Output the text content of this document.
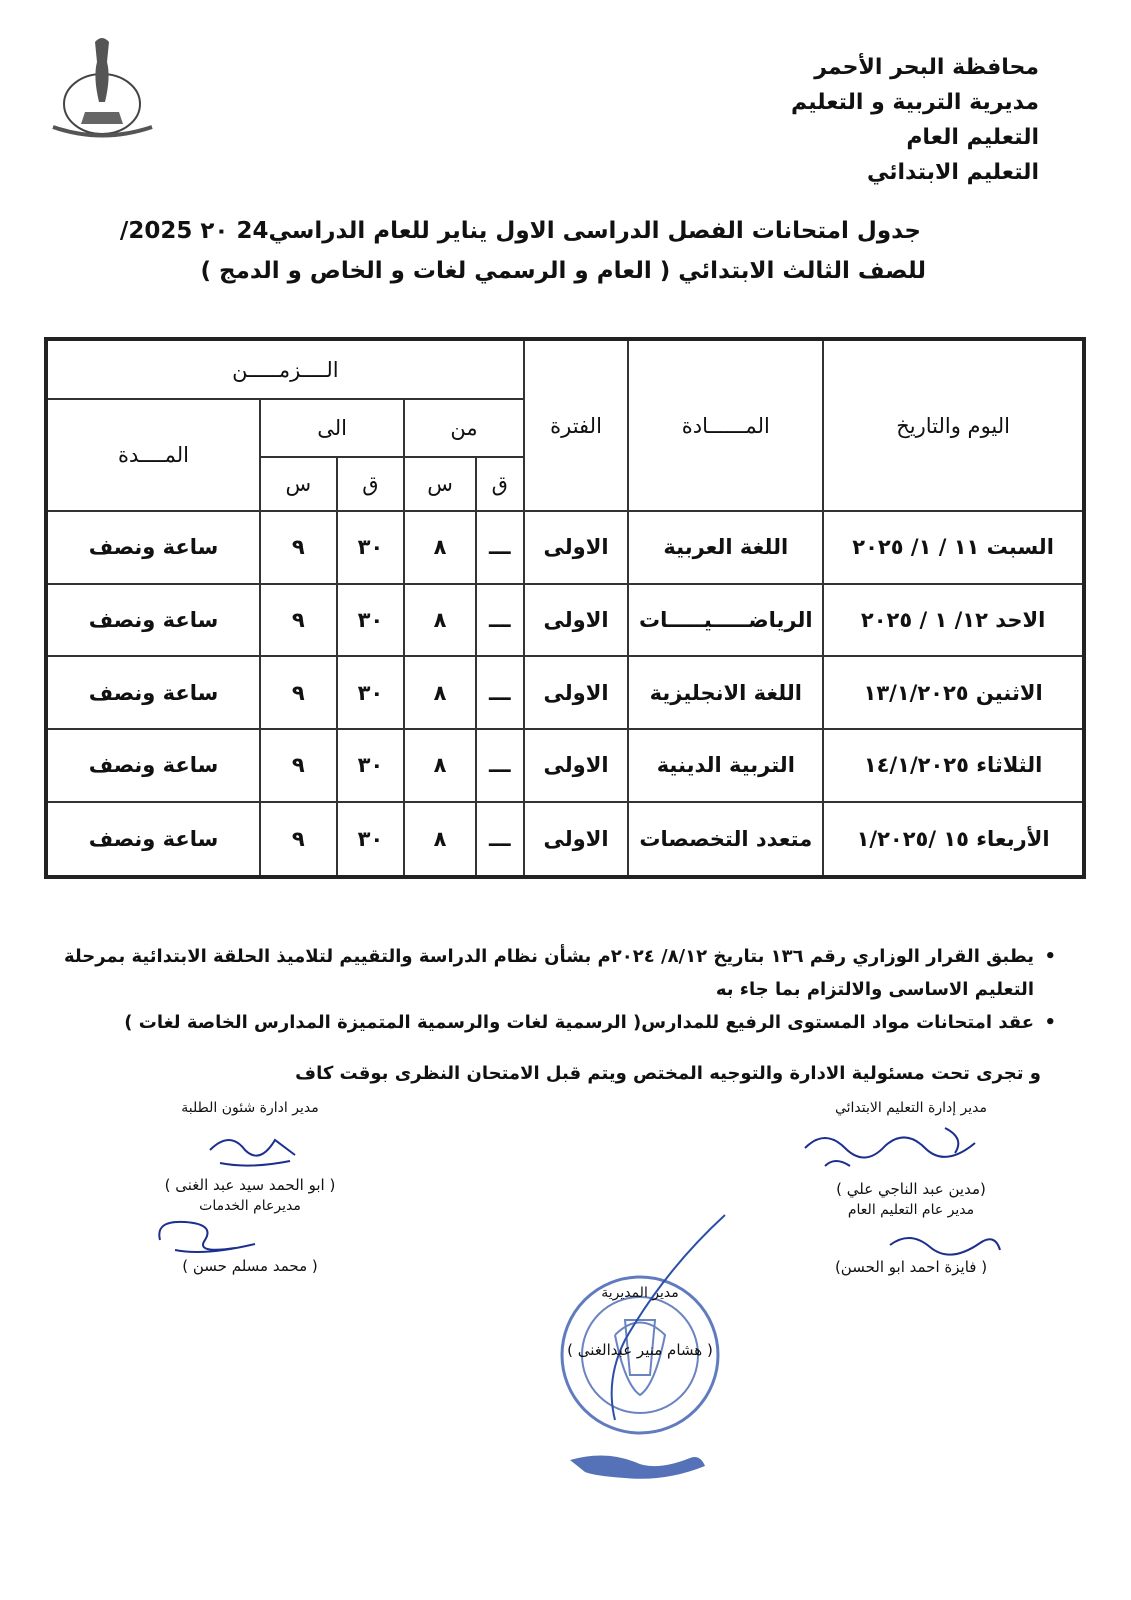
محافظة البحر الأحمر
مديرية التربية و التعليم
التعليم العام
التعليم الابتدائي
جدول امتحانات الفصل الدراسى الاول يناير للعام الدراسي24 ٢٠ 2025/
للصف الثالث الابتدائي ( العام و الرسمي لغات و الخاص و الدمج )
اليوم والتاريخ	المــــــادة	الفترة	الــــزمـــــن				
			من		الى		المــــدة
			ق	س	ق	س	
السبت ١١ / ١/ ٢٠٢٥	اللغة العربية	الاولى	ـــ	٨	٣٠	٩	ساعة ونصف
الاحد ١٢/ ١ / ٢٠٢٥	الرياضـــــيـــــات	الاولى	ـــ	٨	٣٠	٩	ساعة ونصف
الاثنين ١٣/١/٢٠٢٥	اللغة الانجليزية	الاولى	ـــ	٨	٣٠	٩	ساعة ونصف
الثلاثاء ١٤/١/٢٠٢٥	التربية الدينية	الاولى	ـــ	٨	٣٠	٩	ساعة ونصف
الأربعاء ١٥ /١/٢٠٢٥	متعدد التخصصات	الاولى	ـــ	٨	٣٠	٩	ساعة ونصف
• يطبق القرار الوزاري رقم ١٣٦ بتاريخ ٨/١٢/ ٢٠٢٤م بشأن نظام الدراسة والتقييم لتلاميذ الحلقة الابتدائية بمرحلة التعليم الاساسى والالتزام بما جاء به
• عقد امتحانات مواد المستوى الرفيع للمدارس( الرسمية لغات والرسمية المتميزة المدارس الخاصة لغات )
و تجرى تحت مسئولية الادارة والتوجيه المختص ويتم قبل الامتحان النظرى بوقت كاف
مدير إدارة التعليم الابتدائي
(مدين عبد الناجي علي )
مدير عام التعليم العام
( فايزة احمد ابو الحسن)
مدير ادارة شئون الطلبة
( ابو الحمد سيد عبد الغنى )
مديرعام الخدمات
( محمد مسلم حسن )
مدير المديرية
( هشام منير عبدالغنى )
